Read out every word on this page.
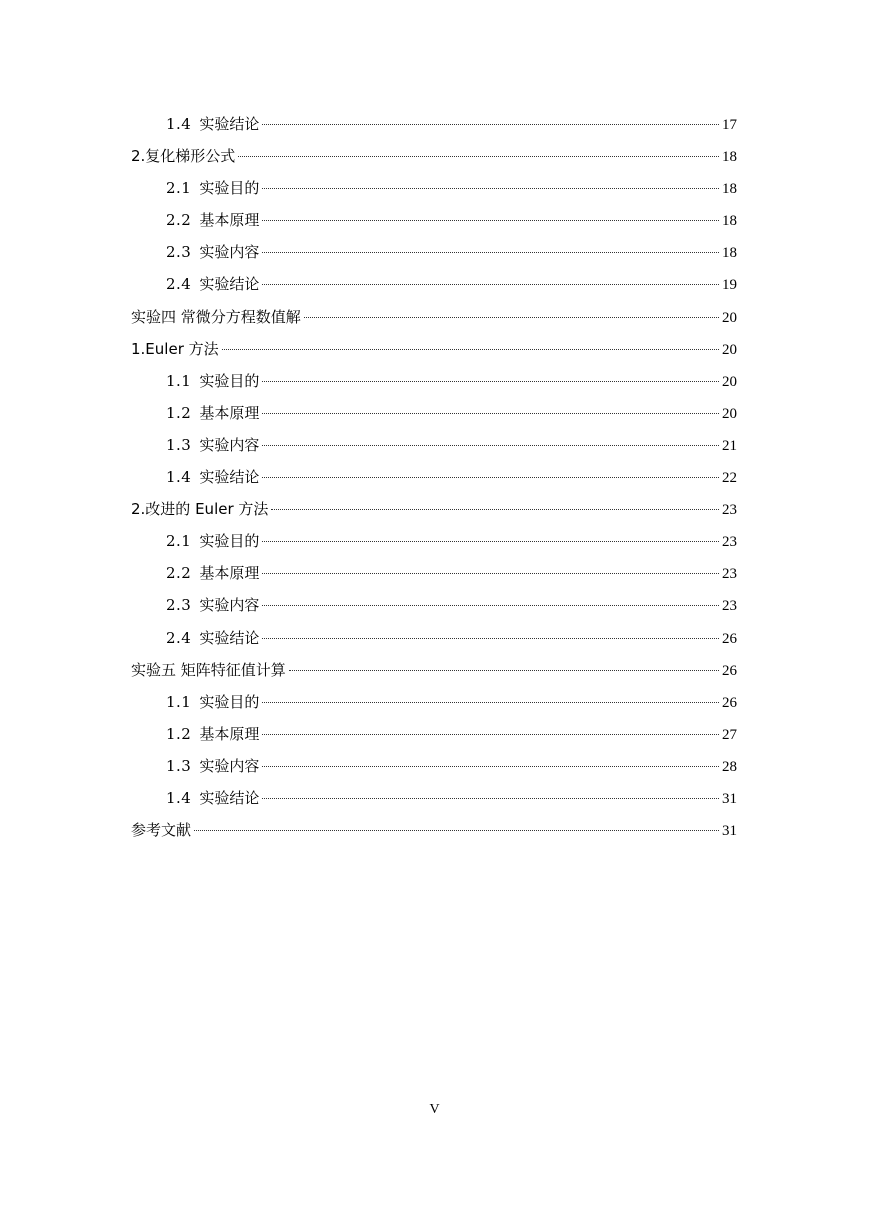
1.4 实验结论	17
2.复化梯形公式	18
2.1 实验目的	18
2.2 基本原理	18
2.3 实验内容	18
2.4 实验结论	19
实验四 常微分方程数值解	20
1.Euler 方法	20
1.1 实验目的	20
1.2 基本原理	20
1.3 实验内容	21
1.4 实验结论	22
2.改进的 Euler 方法	23
2.1 实验目的	23
2.2 基本原理	23
2.3 实验内容	23
2.4 实验结论	26
实验五 矩阵特征值计算	26
1.1 实验目的	26
1.2 基本原理	27
1.3 实验内容	28
1.4 实验结论	31
参考文献	31
V
